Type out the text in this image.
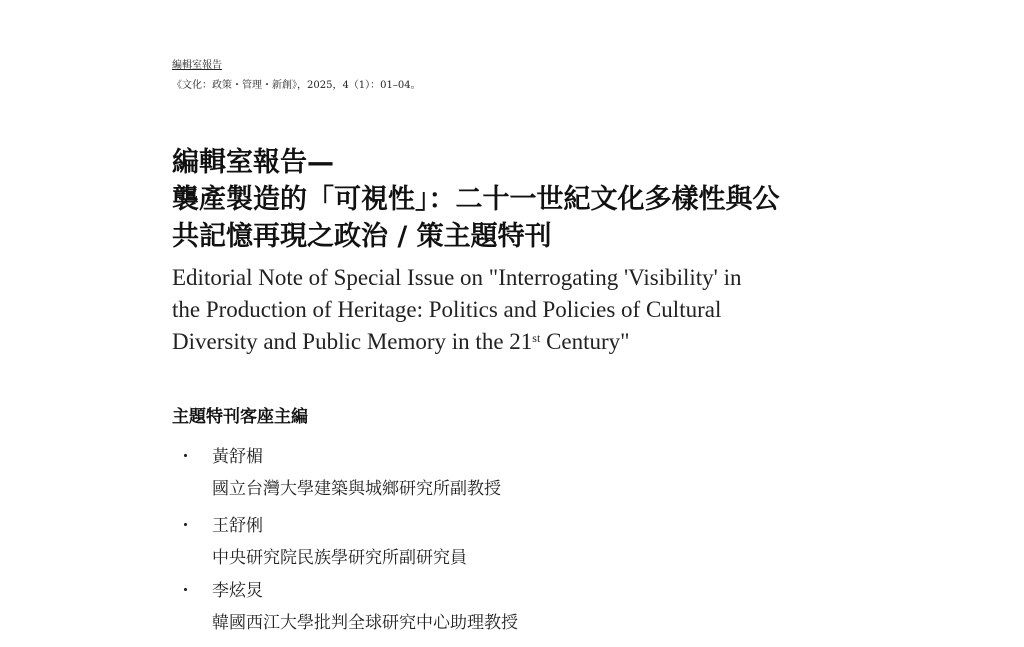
編輯室報告
《文化：政策・管理・新創》，2025，4（1）：01–04。
編輯室報告—
襲產製造的「可視性」：二十一世紀文化多樣性與公
共記憶再現之政治 / 策主題特刊
Editorial Note of Special Issue on "Interrogating 'Visibility' in
the Production of Heritage: Politics and Policies of Cultural
Diversity and Public Memory in the 21st Century"
主題特刊客座主編
・ 黃舒楣
國立台灣大學建築與城鄉研究所副教授
・ 王舒俐
中央研究院民族學研究所副研究員
・ 李炫炅
韓國西江大學批判全球研究中心助理教授
